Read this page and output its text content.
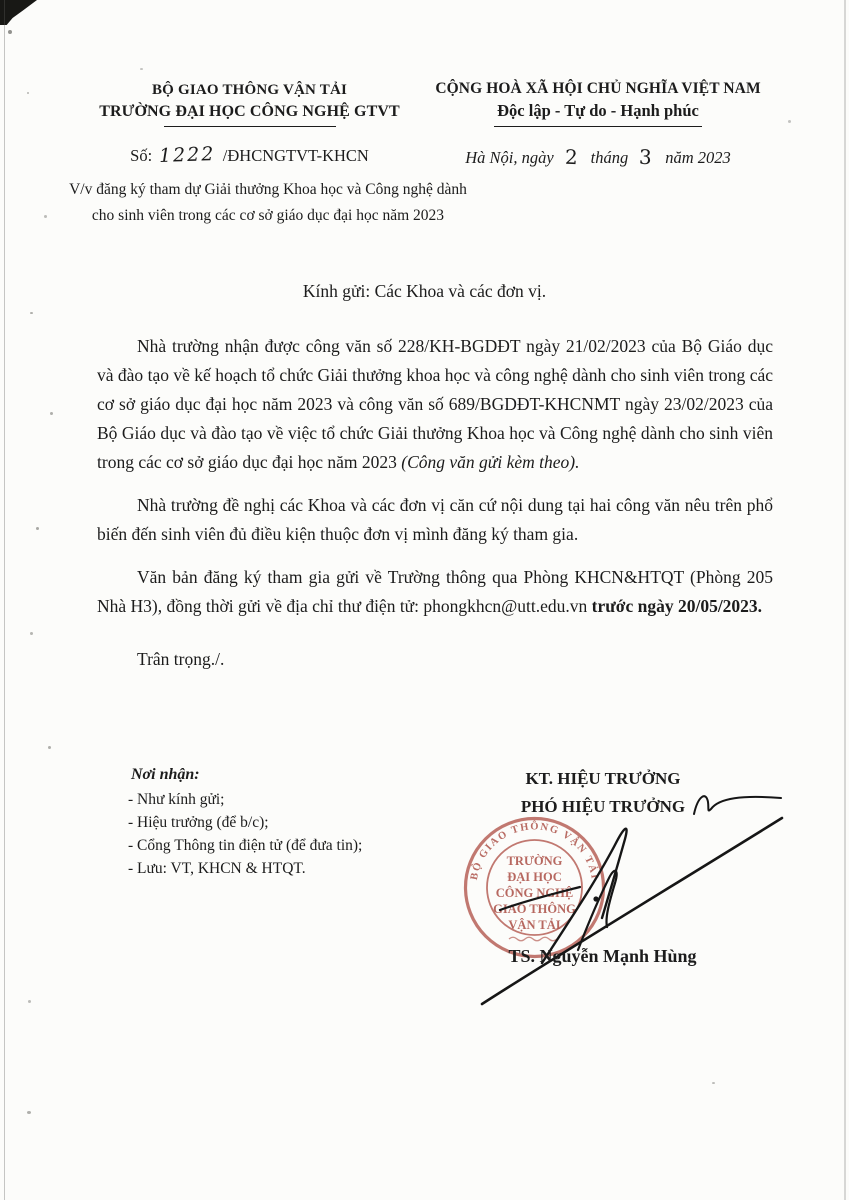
BỘ GIAO THÔNG VẬN TẢI
TRƯỜNG ĐẠI HỌC CÔNG NGHỆ GTVT
CỘNG HOÀ XÃ HỘI CHỦ NGHĨA VIỆT NAM
Độc lập - Tự do - Hạnh phúc
Số: 1222 /ĐHCNGTVT-KHCN	Hà Nội, ngày 2 tháng 3 năm 2023
V/v đăng ký tham dự Giải thưởng Khoa học và Công nghệ dành cho sinh viên trong các cơ sở giáo dục đại học năm 2023
Kính gửi: Các Khoa và các đơn vị.

Nhà trường nhận được công văn số 228/KH-BGDĐT ngày 21/02/2023 của Bộ Giáo dục và đào tạo về kế hoạch tổ chức Giải thưởng khoa học và công nghệ dành cho sinh viên trong các cơ sở giáo dục đại học năm 2023 và công văn số 689/BGDĐT-KHCNMT ngày 23/02/2023 của Bộ Giáo dục và đào tạo về việc tổ chức Giải thưởng Khoa học và Công nghệ dành cho sinh viên trong các cơ sở giáo dục đại học năm 2023 (Công văn gửi kèm theo).

Nhà trường đề nghị các Khoa và các đơn vị căn cứ nội dung tại hai công văn nêu trên phổ biến đến sinh viên đủ điều kiện thuộc đơn vị mình đăng ký tham gia.

Văn bản đăng ký tham gia gửi về Trường thông qua Phòng KHCN&HTQT (Phòng 205 Nhà H3), đồng thời gửi về địa chỉ thư điện tử: phongkhcn@utt.edu.vn trước ngày 20/05/2023.

Trân trọng./.

Nơi nhận:
- Như kính gửi;
- Hiệu trưởng (để b/c);
- Cổng Thông tin điện tử (để đưa tin);
- Lưu: VT, KHCN & HTQT.
KT. HIỆU TRƯỞNG
PHÓ HIỆU TRƯỞNG
BỘ GIAO THÔNG VẬN TẢI
TRƯỜNG
ĐẠI HỌC
CÔNG NGHỆ
GIAO THÔNG
VẬN TẢI
TS. Nguyễn Mạnh Hùng
